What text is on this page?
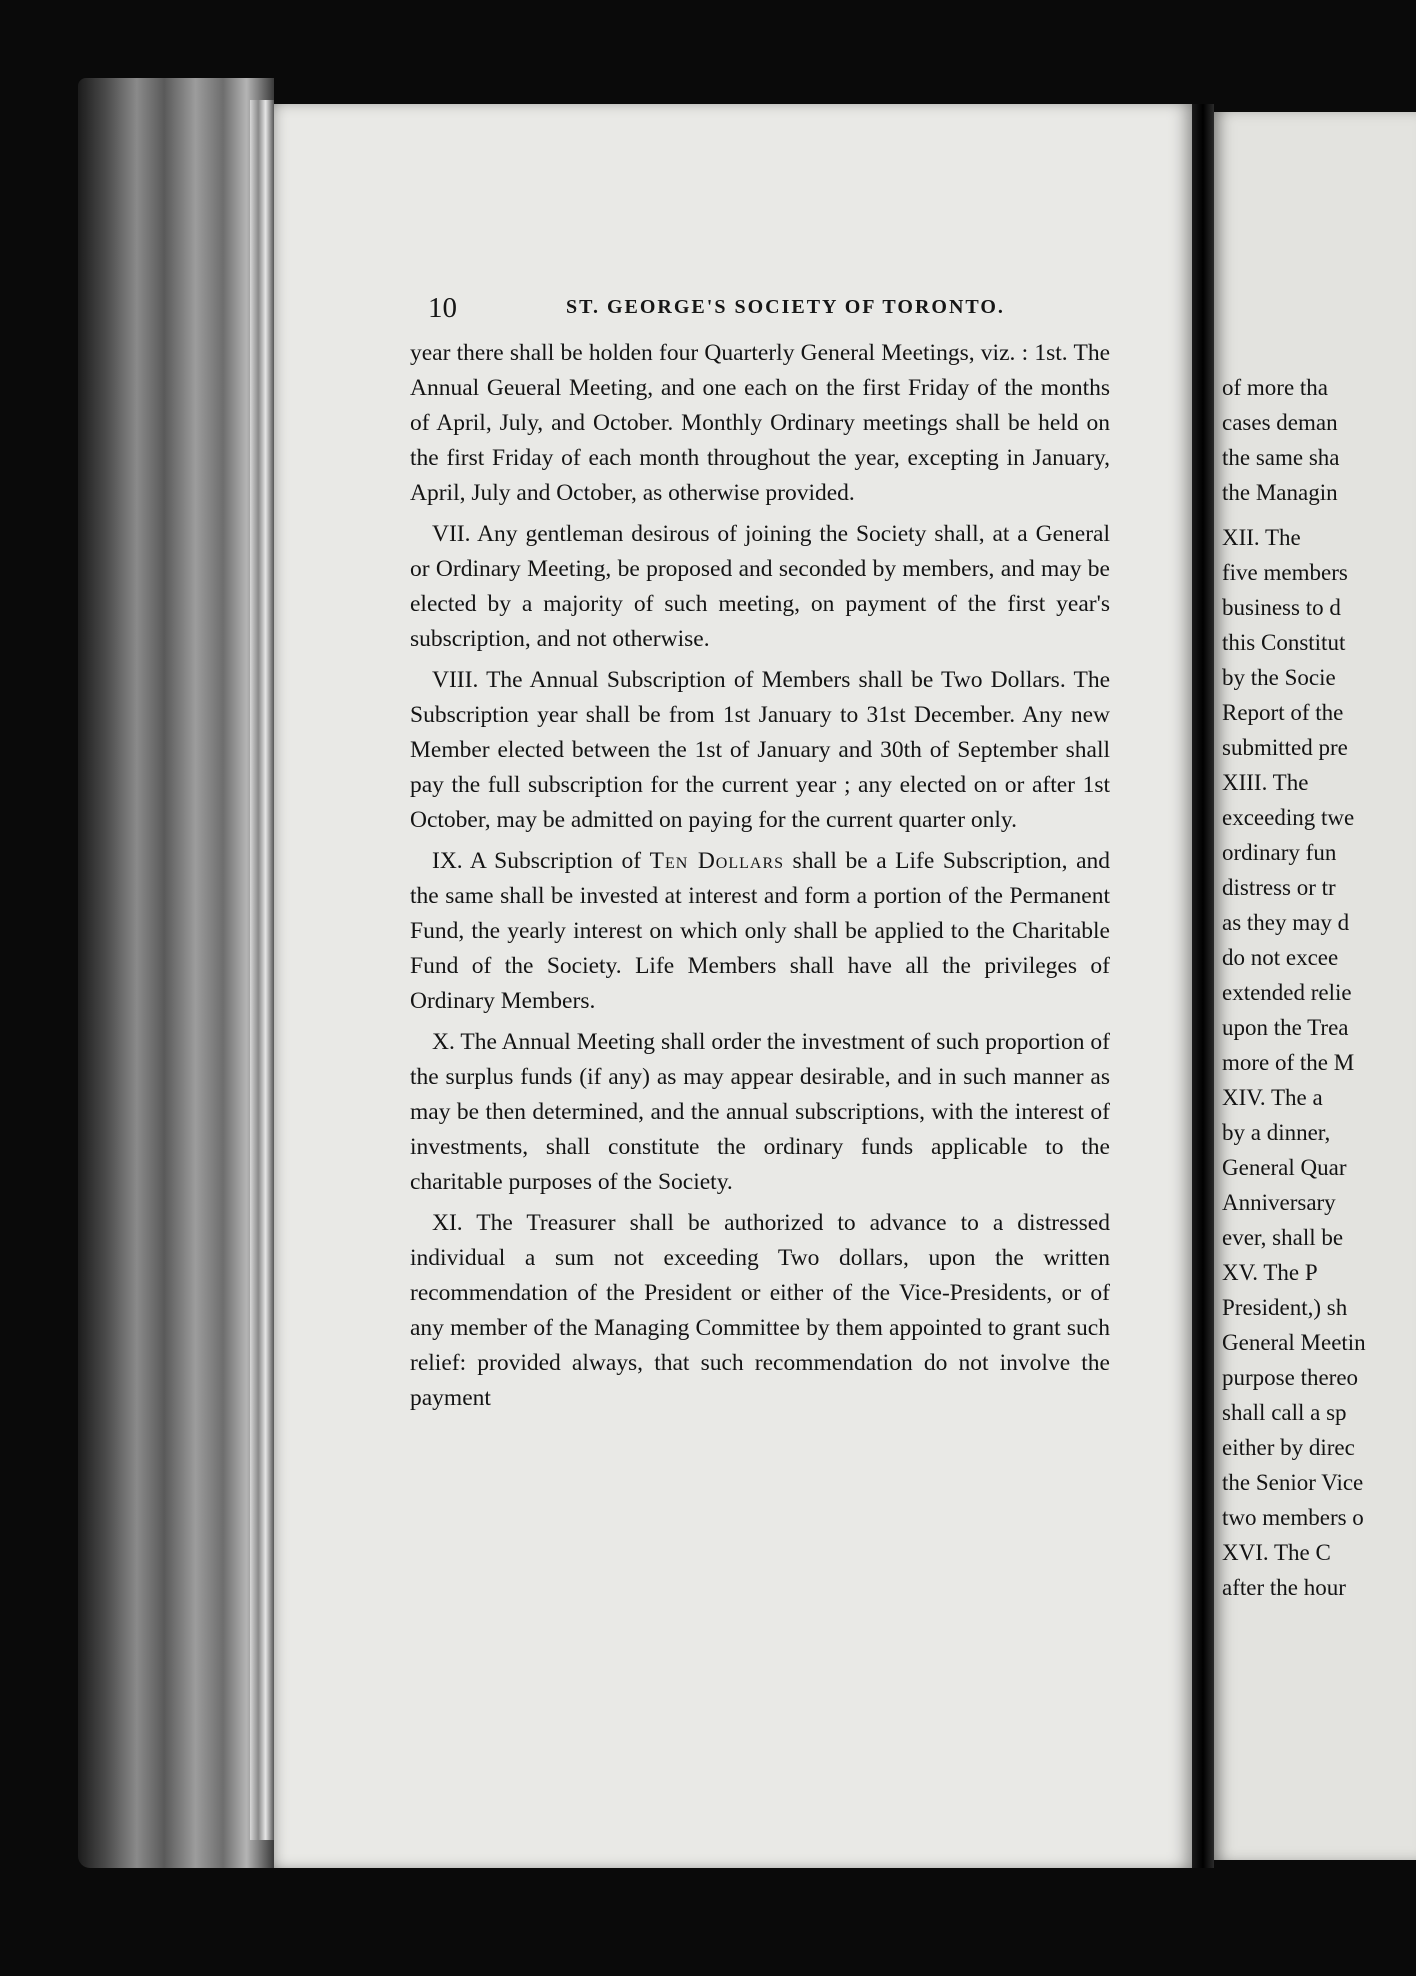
10	ST. GEORGE'S SOCIETY OF TORONTO.

year there shall be holden four Quarterly General Meetings, viz. : 1st. The Annual Geueral Meeting, and one each on the first Friday of the months of April, July, and October. Monthly Ordinary meetings shall be held on the first Friday of each month throughout the year, excepting in January, April, July and October, as otherwise provided.

VII. Any gentleman desirous of joining the Society shall, at a General or Ordinary Meeting, be proposed and seconded by members, and may be elected by a majority of such meeting, on payment of the first year's subscription, and not otherwise.

VIII. The Annual Subscription of Members shall be Two Dollars. The Subscription year shall be from 1st January to 31st December. Any new Member elected between the 1st of January and 30th of September shall pay the full subscription for the current year ; any elected on or after 1st October, may be admitted on paying for the current quarter only.

IX. A Subscription of Ten Dollars shall be a Life Subscription, and the same shall be invested at interest and form a portion of the Permanent Fund, the yearly interest on which only shall be applied to the Charitable Fund of the Society. Life Members shall have all the privileges of Ordinary Members.

X. The Annual Meeting shall order the investment of such proportion of the surplus funds (if any) as may appear desirable, and in such manner as may be then determined, and the annual subscriptions, with the interest of investments, shall constitute the ordinary funds applicable to the charitable purposes of the Society.

XI. The Treasurer shall be authorized to advance to a distressed individual a sum not exceeding Two dollars, upon the written recommendation of the President or either of the Vice-Presidents, or of any member of the Managing Committee by them appointed to grant such relief: provided always, that such recommendation do not involve the payment

of more tha
cases deman
the same sha
the Managin
XII. The
five members
business to d
this Constitut
by the Socie
Report of the
submitted pre
XIII. The
exceeding twe
ordinary fun
distress or tr
as they may d
do not excee
extended relie
upon the Trea
more of the M
XIV. The a
by a dinner,
General Quar
Anniversary
ever, shall be
XV. The P
President,) sh
General Meetin
purpose thereo
shall call a sp
either by direc
the Senior Vice
two members o
XVI. The C
after the hour
